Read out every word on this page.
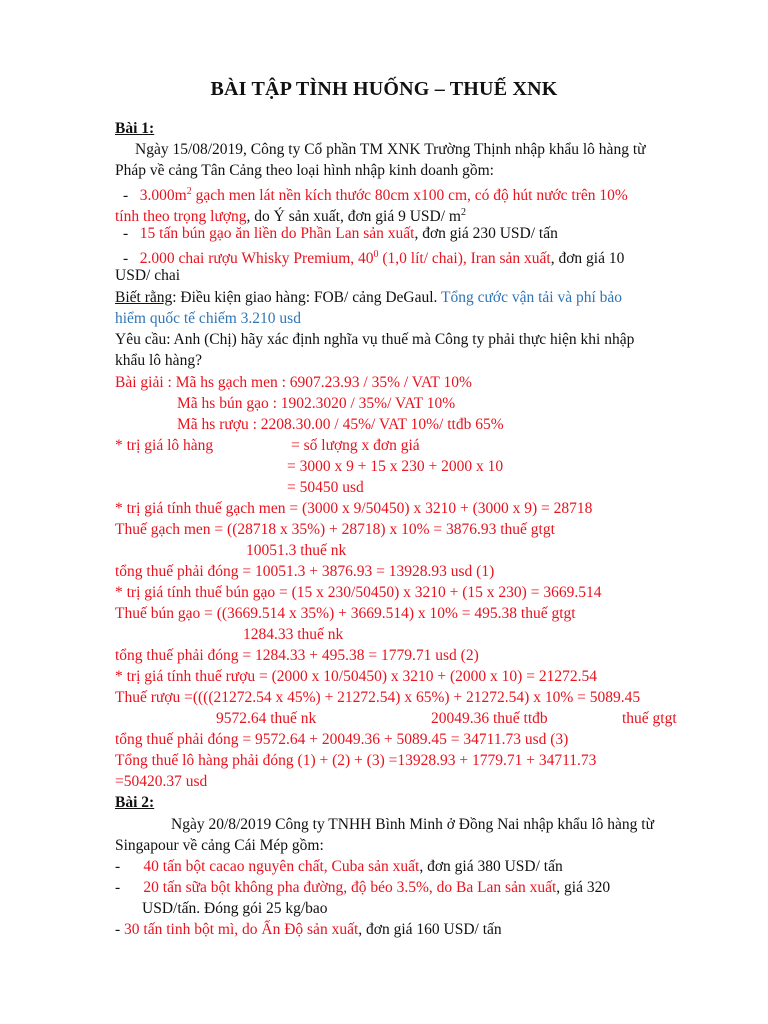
BÀI TẬP TÌNH HUỐNG – THUẾ XNK
Bài 1:
Ngày 15/08/2019, Công ty Cổ phần TM XNK Trường Thịnh nhập khẩu lô hàng từ
Pháp về cảng Tân Cảng theo loại hình nhập kinh doanh gồm:
- $3.000m^2$ gạch men lát nền kích thước 80cm x100 cm, có độ hút nước trên 10%
tính theo trọng lượng, do Ý sản xuất, đơn giá 9 USD/ $m^2$
- 15 tấn bún gạo ăn liền do Phần Lan sản xuất, đơn giá 230 USD/ tấn
- 2.000 chai rượu Whisky Premium, $40^0$ (1,0 lít/ chai), Iran sản xuất, đơn giá 10
USD/ chai
Biết rằng: Điều kiện giao hàng: FOB/ cảng DeGaul. Tổng cước vận tải và phí bảo
hiểm quốc tế chiếm 3.210 usd
Yêu cầu: Anh (Chị) hãy xác định nghĩa vụ thuế mà Công ty phải thực hiện khi nhập
khẩu lô hàng?
Bài giải : Mã hs gạch men : 6907.23.93 / 35% / VAT 10%
Mã hs bún gạo : 1902.3020 / 35%/ VAT 10%
Mã hs rượu : 2208.30.00 / 45%/ VAT 10%/ ttđb 65%
* trị giá lô hàng	= số lượng x đơn giá
= 3000 x 9 + 15 x 230 + 2000 x 10
= 50450 usd
* trị giá tính thuế gạch men = (3000 x 9/50450) x 3210 + (3000 x 9) = 28718
Thuế gạch men = ((28718 x 35%) + 28718) x 10% = 3876.93 thuế gtgt
10051.3 thuế nk
tổng thuế phải đóng = 10051.3 + 3876.93 = 13928.93 usd (1)
* trị giá tính thuế bún gạo = (15 x 230/50450) x 3210 + (15 x 230) = 3669.514
Thuế bún gạo = ((3669.514 x 35%) + 3669.514) x 10% = 495.38 thuế gtgt
1284.33 thuế nk
tổng thuế phải đóng = 1284.33 + 495.38 = 1779.71 usd (2)
* trị giá tính thuế rượu = (2000 x 10/50450) x 3210 + (2000 x 10) = 21272.54
Thuế rượu =((((21272.54 x 45%) + 21272.54) x 65%) + 21272.54) x 10% = 5089.45
9572.64 thuế nk	20049.36 thuế ttđb	thuế gtgt
tổng thuế phải đóng = 9572.64 + 20049.36 + 5089.45 = 34711.73 usd (3)
Tổng thuế lô hàng phải đóng (1) + (2) + (3) =13928.93 + 1779.71 + 34711.73
=50420.37 usd
Bài 2:
Ngày 20/8/2019 Công ty TNHH Bình Minh ở Đồng Nai nhập khẩu lô hàng từ
Singapour về cảng Cái Mép gồm:
- 40 tấn bột cacao nguyên chất, Cuba sản xuất, đơn giá 380 USD/ tấn
- 20 tấn sữa bột không pha đường, độ béo 3.5%, do Ba Lan sản xuất, giá 320
USD/tấn. Đóng gói 25 kg/bao
- 30 tấn tinh bột mì, do Ấn Độ sản xuất, đơn giá 160 USD/ tấn
